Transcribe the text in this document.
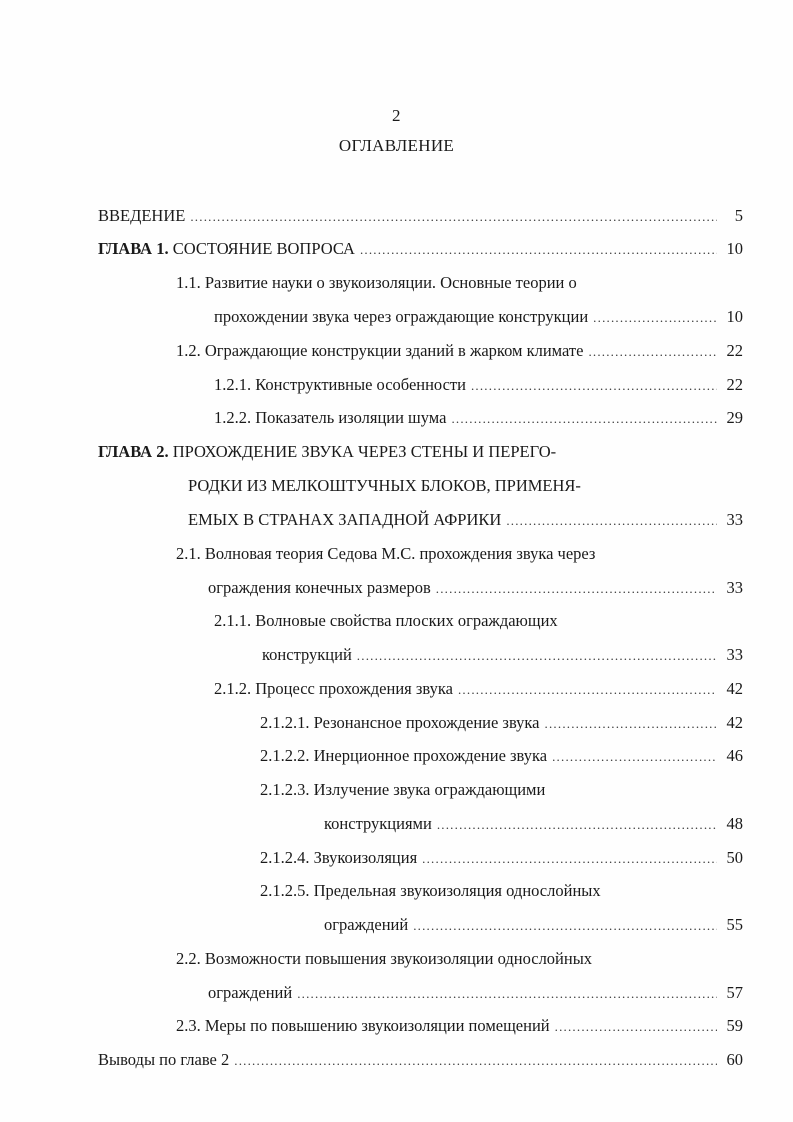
2
ОГЛАВЛЕНИЕ
ВВЕДЕНИЕ .....	5
ГЛАВА 1. СОСТОЯНИЕ ВОПРОСА .....	10
1.1. Развитие науки о звукоизоляции. Основные теории о
прохождении звука через ограждающие конструкции .....	10
1.2. Ограждающие конструкции зданий в жарком климате .....	22
1.2.1. Конструктивные особенности .....	22
1.2.2. Показатель изоляции шума .....	29
ГЛАВА 2. ПРОХОЖДЕНИЕ ЗВУКА ЧЕРЕЗ СТЕНЫ И ПЕРЕГО-
РОДКИ ИЗ МЕЛКОШТУЧНЫХ БЛОКОВ, ПРИМЕНЯ-
ЕМЫХ В СТРАНАХ ЗАПАДНОЙ АФРИКИ .....	33
2.1. Волновая теория Седова М.С. прохождения звука через
ограждения конечных размеров .....	33
2.1.1. Волновые свойства плоских ограждающих
конструкций .....	33
2.1.2. Процесс прохождения звука .....	42
2.1.2.1. Резонансное прохождение звука .....	42
2.1.2.2. Инерционное прохождение звука .....	46
2.1.2.3. Излучение звука ограждающими
конструкциями .....	48
2.1.2.4. Звукоизоляция .....	50
2.1.2.5. Предельная звукоизоляция однослойных
ограждений .....	55
2.2. Возможности повышения звукоизоляции однослойных
ограждений .....	57
2.3. Меры по повышению звукоизоляции помещений .....	59
Выводы по главе 2 .....	60
